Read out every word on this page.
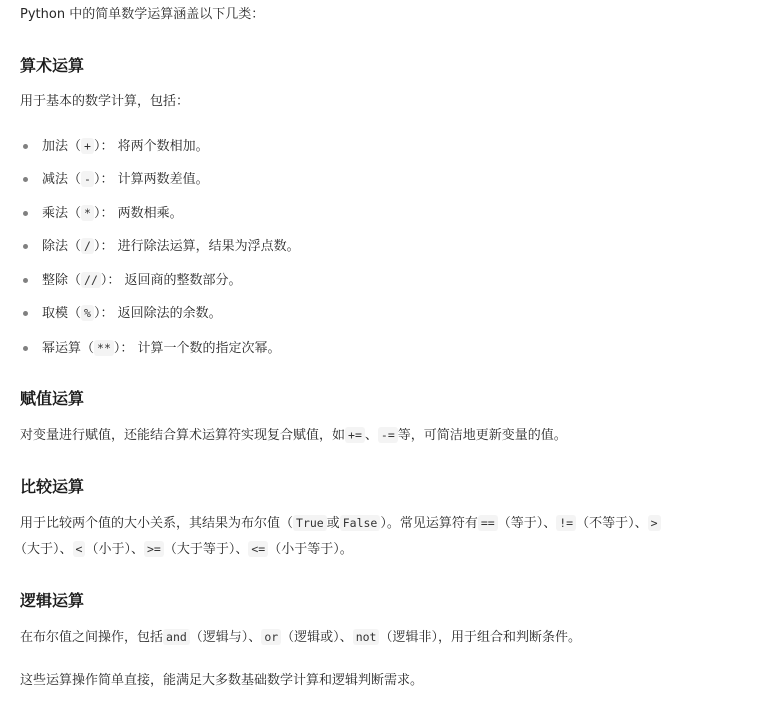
Python 中的简单数学运算涵盖以下几类：
算术运算
用于基本的数学计算，包括：
加法（ + ）： 将两个数相加。
减法（ - ）： 计算两数差值。
乘法（ * ）： 两数相乘。
除法（ / ）： 进行除法运算，结果为浮点数。
整除（ // ）： 返回商的整数部分。
取模（ % ）： 返回除法的余数。
幂运算（ ** ）： 计算一个数的指定次幂。
赋值运算
对变量进行赋值，还能结合算术运算符实现复合赋值，如 += 、 -= 等，可简洁地更新变量的值。
比较运算
用于比较两个值的大小关系，其结果为布尔值（ True 或 False ）。常见运算符有 == （等于）、 != （不等于）、 >
（大于）、 < （小于）、 >= （大于等于）、 <= （小于等于）。
逻辑运算
在布尔值之间操作，包括 and （逻辑与）、 or （逻辑或）、 not （逻辑非），用于组合和判断条件。
这些运算操作简单直接，能满足大多数基础数学计算和逻辑判断需求。
